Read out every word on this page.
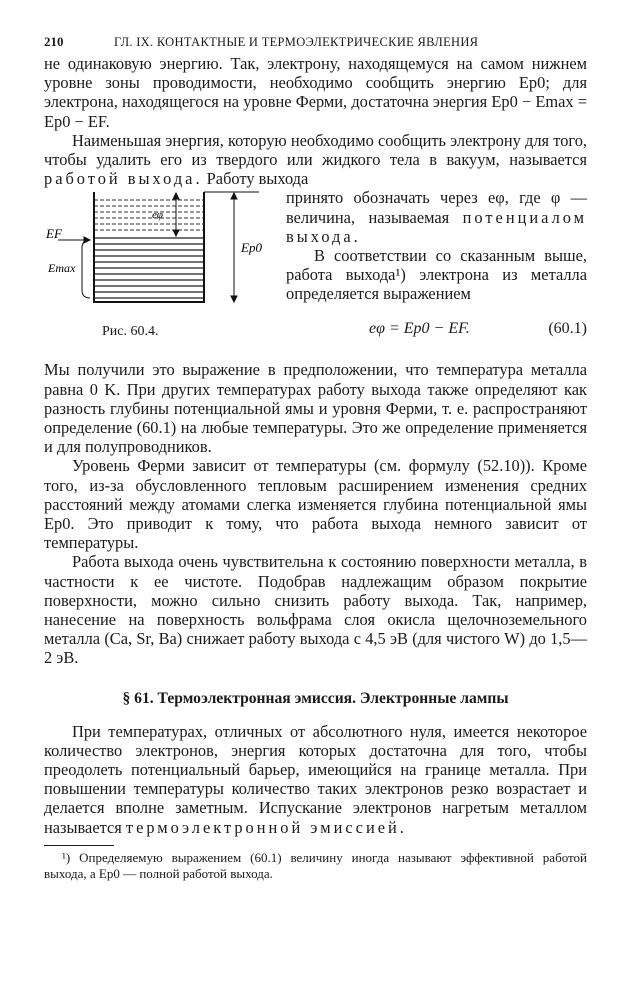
210	ГЛ. IX. КОНТАКТНЫЕ И ТЕРМОЭЛЕКТРИЧЕСКИЕ ЯВЛЕНИЯ

не одинаковую энергию. Так, электрону, находящемуся на самом нижнем уровне зоны проводимости, необходимо сообщить энергию Ep0; для электрона, находящегося на уровне Ферми, достаточна энергия Ep0 − Emax = Ep0 − EF.

Наименьшая энергия, которую необходимо сообщить электрону для того, чтобы удалить его из твердого или жидкого тела в вакуум, называется работой выхода. Работу выхода

eφ
Ep0
EF
Emax

принято обозначать через eφ, где φ — величина, называемая потенциалом выхода.

В соответствии со сказанным выше, работа выхода¹) электрона из металла определяется выражением

Рис. 60.4.	eφ = Ep0 − EF.	(60.1)

Мы получили это выражение в предположении, что температура металла равна 0 K. При других температурах работу выхода также определяют как разность глубины потенциальной ямы и уровня Ферми, т. е. распространяют определение (60.1) на любые температуры. Это же определение применяется и для полупроводников.

Уровень Ферми зависит от температуры (см. формулу (52.10)). Кроме того, из-за обусловленного тепловым расширением изменения средних расстояний между атомами слегка изменяется глубина потенциальной ямы Ep0. Это приводит к тому, что работа выхода немного зависит от температуры.

Работа выхода очень чувствительна к состоянию поверхности металла, в частности к ее чистоте. Подобрав надлежащим образом покрытие поверхности, можно сильно снизить работу выхода. Так, например, нанесение на поверхность вольфрама слоя окисла щелочноземельного металла (Ca, Sr, Ba) снижает работу выхода с 4,5 эВ (для чистого W) до 1,5—2 эВ.

§ 61. Термоэлектронная эмиссия. Электронные лампы

При температурах, отличных от абсолютного нуля, имеется некоторое количество электронов, энергия которых достаточна для того, чтобы преодолеть потенциальный барьер, имеющийся на границе металла. При повышении температуры количество таких электронов резко возрастает и делается вполне заметным. Испускание электронов нагретым металлом называется термоэлектронной эмиссией.

¹) Определяемую выражением (60.1) величину иногда называют эффективной работой выхода, а Ep0 — полной работой выхода.
